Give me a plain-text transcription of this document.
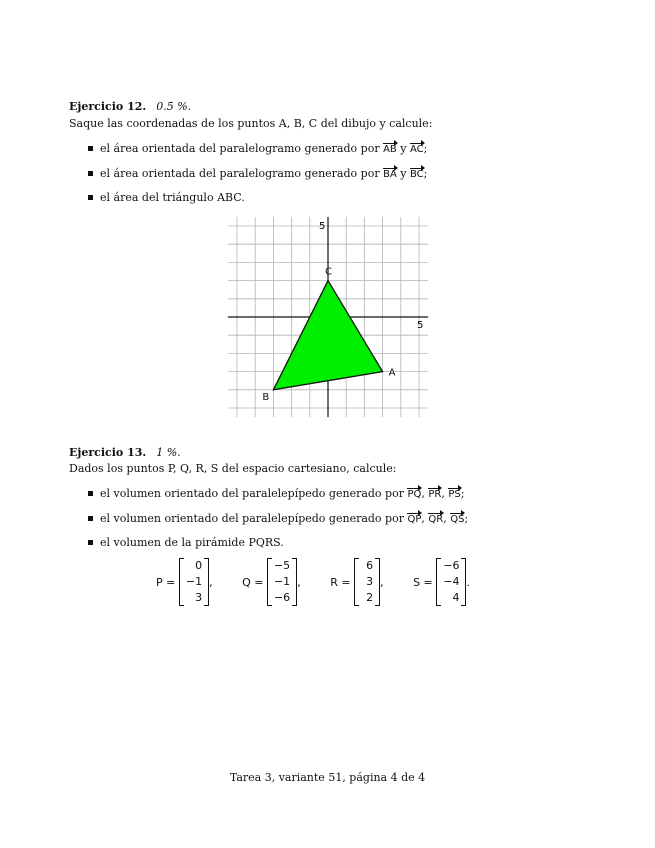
Ejercicio 12. 0.5 %.
Saque las coordenadas de los puntos A, B, C del dibujo y calcule:
el área orientada del paralelogramo generado por AB y AC;
el área orientada del paralelogramo generado por BA y BC;
el área del triángulo ABC.
5
5
A
B
C
Ejercicio 13. 1 %.
Dados los puntos P, Q, R, S del espacio cartesiano, calcule:
el volumen orientado del paralelepípedo generado por PQ, PR, PS;
el volumen orientado del paralelepípedo generado por QP, QR, QS;
el volumen de la pirámide PQRS.
P =
0
−1
3
,
	Q =
−5
−1
−6
,
	R =
6
3
2
,
	S =
−6
−4
4
.
Tarea 3, variante 51, página 4 de 4
